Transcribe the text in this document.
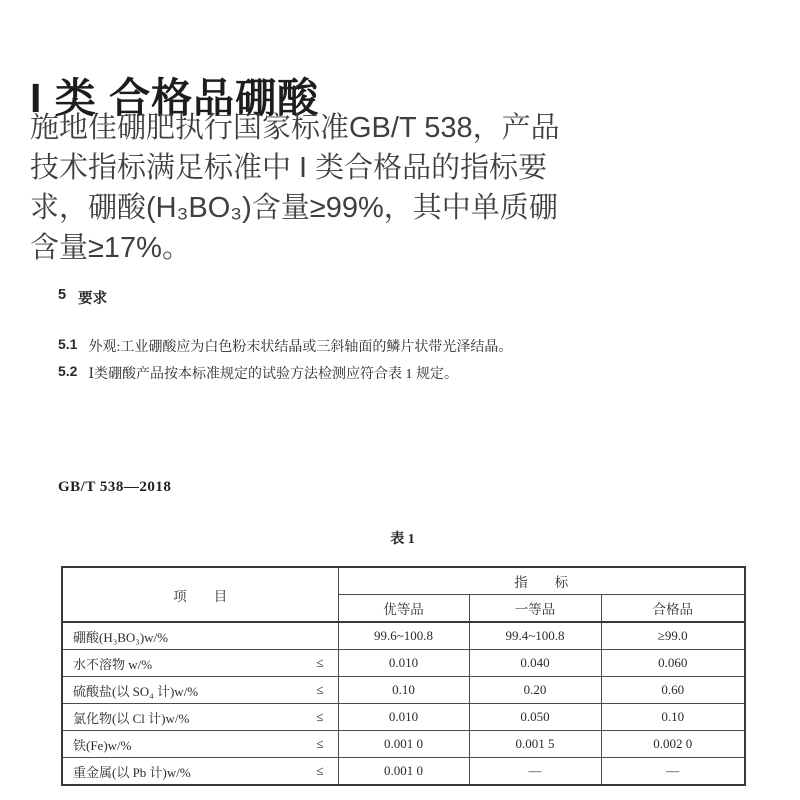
I 类 合格品硼酸
施地佳硼肥执行国家标准GB/T 538，产品
技术指标满足标准中 I 类合格品的指标要
求，硼酸(H₃BO₃)含量≥99%，其中单质硼
含量≥17%。
5 要求
5.1 外观:工业硼酸应为白色粉末状结晶或三斜轴面的鳞片状带光泽结晶。
5.2 Ⅰ类硼酸产品按本标准规定的试验方法检测应符合表 1 规定。
GB/T 538—2018
表 1
项　　目	指　　标		
	优等品	一等品	合格品

硼酸(H₃BO₃)w/%	99.6~100.8	99.4~100.8	≥99.0

水不溶物 w/% ≤	0.010	0.040	0.060

硫酸盐(以 SO₄ 计)w/% ≤	0.10	0.20	0.60

氯化物(以 Cl 计)w/% ≤	0.010	0.050	0.10

铁(Fe)w/% ≤	0.001 0	0.001 5	0.002 0

重金属(以 Pb 计)w/% ≤	0.001 0	—	—
